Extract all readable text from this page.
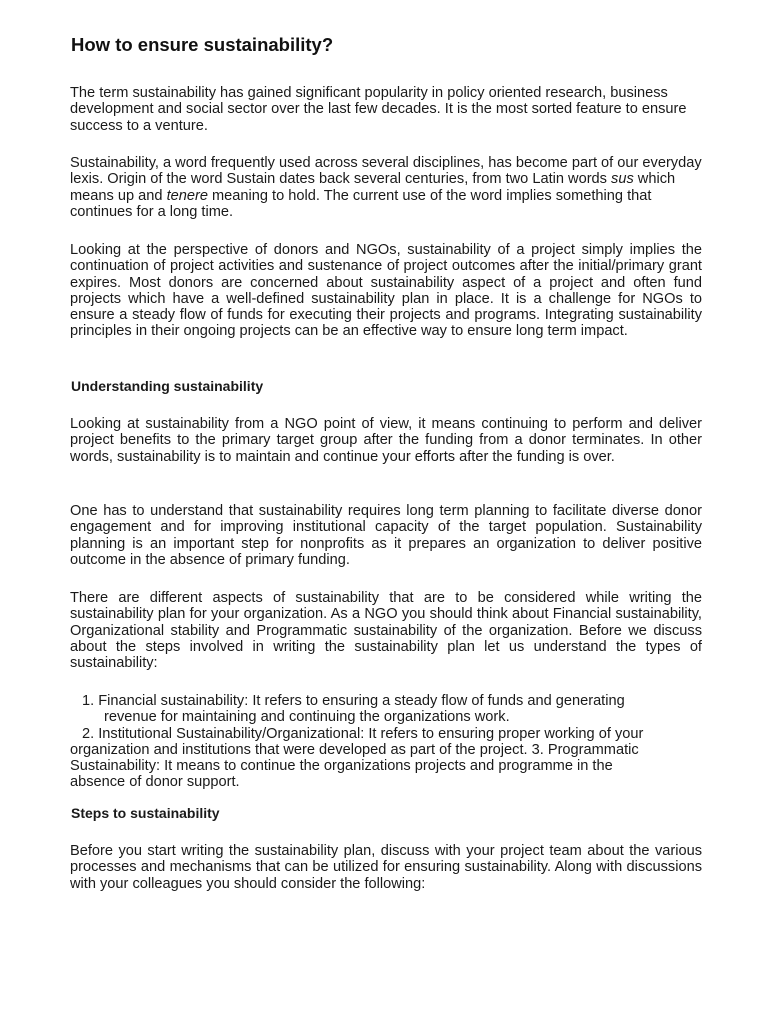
How to ensure sustainability?

The term sustainability has gained significant popularity in policy oriented research, business development and social sector over the last few decades. It is the most sorted feature to ensure success to a venture.

Sustainability, a word frequently used across several disciplines, has become part of our everyday lexis. Origin of the word Sustain dates back several centuries, from two Latin words sus which means up and tenere meaning to hold. The current use of the word implies something that continues for a long time.

Looking at the perspective of donors and NGOs, sustainability of a project simply implies the continuation of project activities and sustenance of project outcomes after the initial/primary grant expires. Most donors are concerned about sustainability aspect of a project and often fund projects which have a well-defined sustainability plan in place. It is a challenge for NGOs to ensure a steady flow of funds for executing their projects and programs. Integrating sustainability principles in their ongoing projects can be an effective way to ensure long term impact.

Understanding sustainability

Looking at sustainability from a NGO point of view, it means continuing to perform and deliver project benefits to the primary target group after the funding from a donor terminates. In other words, sustainability is to maintain and continue your efforts after the funding is over.

One has to understand that sustainability requires long term planning to facilitate diverse donor engagement and for improving institutional capacity of the target population. Sustainability planning is an important step for nonprofits as it prepares an organization to deliver positive outcome in the absence of primary funding.

There are different aspects of sustainability that are to be considered while writing the sustainability plan for your organization. As a NGO you should think about Financial sustainability, Organizational stability and Programmatic sustainability of the organization. Before we discuss about the steps involved in writing the sustainability plan let us understand the types of sustainability:

1. Financial sustainability: It refers to ensuring a steady flow of funds and generating
revenue for maintaining and continuing the organizations work.
2. Institutional Sustainability/Organizational: It refers to ensuring proper working of your
organization and institutions that were developed as part of the project. 3. Programmatic
Sustainability: It means to continue the organizations projects and programme in the
absence of donor support.
Steps to sustainability

Before you start writing the sustainability plan, discuss with your project team about the various processes and mechanisms that can be utilized for ensuring sustainability. Along with discussions with your colleagues you should consider the following:
